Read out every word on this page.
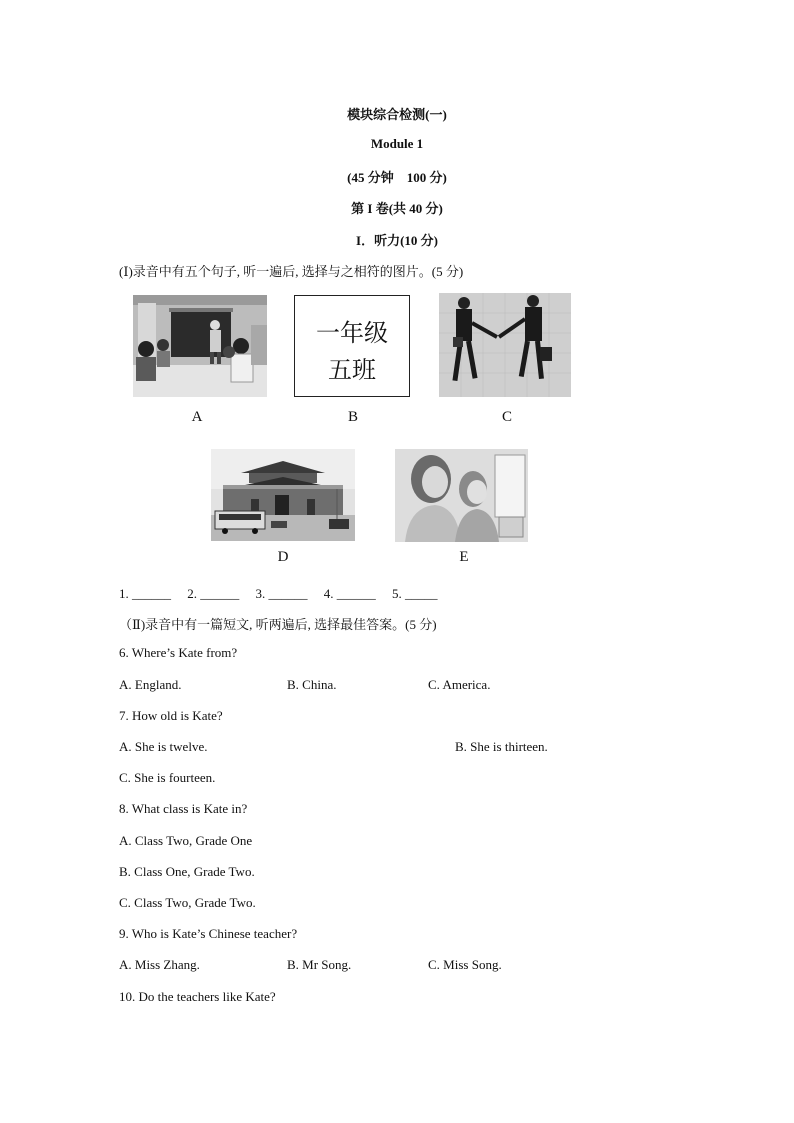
模块综合检测(一)
Module 1
(45 分钟　100 分)
第 I 卷(共 40 分)
I．听力(10 分)
(Ⅰ)录音中有五个句子, 听一遍后, 选择与之相符的图片。(5 分)
一年级
五班
A	B	C
D	E
1. ______　 2. ______　 3. ______　 4. ______　 5. _____
（Ⅱ)录音中有一篇短文, 听两遍后, 选择最佳答案。(5 分)
6. Where’s Kate from?
A. England.	B. China.	C. America.
7. How old is Kate?
A. She is twelve.	B. She is thirteen.
C. She is fourteen.
8. What class is Kate in?
A. Class Two, Grade One
B. Class One, Grade Two.
C. Class Two, Grade Two.
9. Who is Kate’s Chinese teacher?
A. Miss Zhang.	B. Mr Song.	C. Miss Song.
10. Do the teachers like Kate?
